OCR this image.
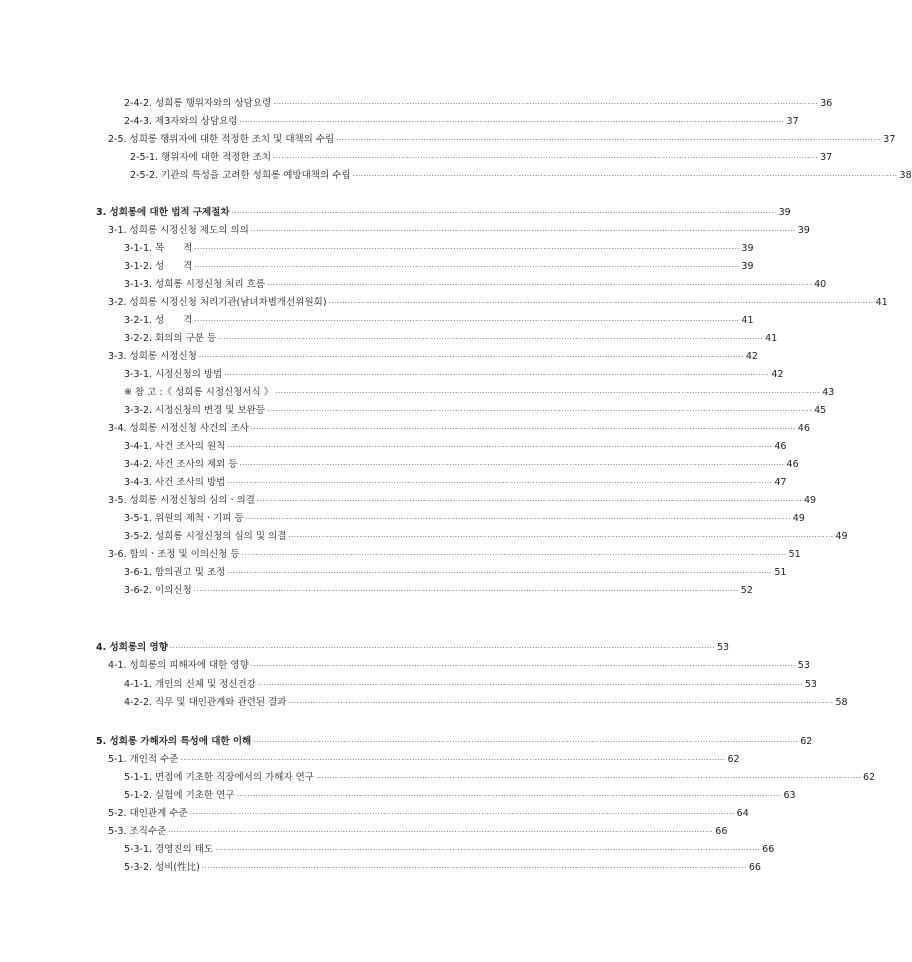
2-4-2. 성희롱 행위자와의 상담요령 ········································································································································································································ 36
2-4-3. 제3자와의 상담요령 ········································································································································································································ 37
2-5. 성희롱 행위자에 대한 적정한 조치 및 대책의 수립 ········································································································································································································ 37
2-5-1. 행위자에 대한 적정한 조치 ········································································································································································································ 37
2-5-2. 기관의 특성을 고려한 성희롱 예방대책의 수립 ········································································································································································································ 38
3. 성희롱에 대한 법적 구제절차 ········································································································································································································ 39
3-1. 성희롱 시정신청 제도의 의의 ········································································································································································································ 39
3-1-1. 목　　적 ········································································································································································································ 39
3-1-2. 성　　격 ········································································································································································································ 39
3-1-3. 성희롱 시정신청 처리 흐름 ········································································································································································································ 40
3-2. 성희롱 시정신청 처리기관(남녀차별개선위원회) ········································································································································································································ 41
3-2-1. 성　　격 ········································································································································································································ 41
3-2-2. 회의의 구분 등 ········································································································································································································ 41
3-3. 성희롱 시정신청 ········································································································································································································ 42
3-3-1. 시정신청의 방법 ········································································································································································································ 42
※ 참 고 :《 성희롱 시정신청서식 》 ········································································································································································································ 43
3-3-2. 시정신청의 변경 및 보완등 ········································································································································································································ 45
3-4. 성희롱 시정신청 사건의 조사 ········································································································································································································ 46
3-4-1. 사건 조사의 원칙 ········································································································································································································ 46
3-4-2. 사건 조사의 제외 등 ········································································································································································································ 46
3-4-3. 사건 조사의 방법 ········································································································································································································ 47
3-5. 성희롱 시정신청의 심의ㆍ의결 ········································································································································································································ 49
3-5-1. 위원의 제척ㆍ기피 등 ········································································································································································································ 49
3-5-2. 성희롱 시정신청의 심의 및 의결 ········································································································································································································ 49
3-6. 합의ㆍ조정 및 이의신청 등 ········································································································································································································ 51
3-6-1. 합의권고 및 조정 ········································································································································································································ 51
3-6-2. 이의신청 ········································································································································································································ 52
4. 성희롱의 영향 ········································································································································································································ 53
4-1. 성희롱의 피해자에 대한 영향 ········································································································································································································ 53
4-1-1. 개인의 신체 및 정신건강 ········································································································································································································ 53
4-2-2. 직무 및 대인관계와 관련된 결과 ········································································································································································································ 58
5. 성희롱 가해자의 특성에 대한 이해 ········································································································································································································ 62
5-1. 개인적 수준 ········································································································································································································ 62
5-1-1. 면접에 기초한 직장에서의 가해자 연구 ········································································································································································································ 62
5-1-2. 실험에 기초한 연구 ········································································································································································································ 63
5-2. 대인관계 수준 ········································································································································································································ 64
5-3. 조직수준 ········································································································································································································ 66
5-3-1. 경영진의 태도 ········································································································································································································ 66
5-3-2. 성비(性比) ········································································································································································································ 66
